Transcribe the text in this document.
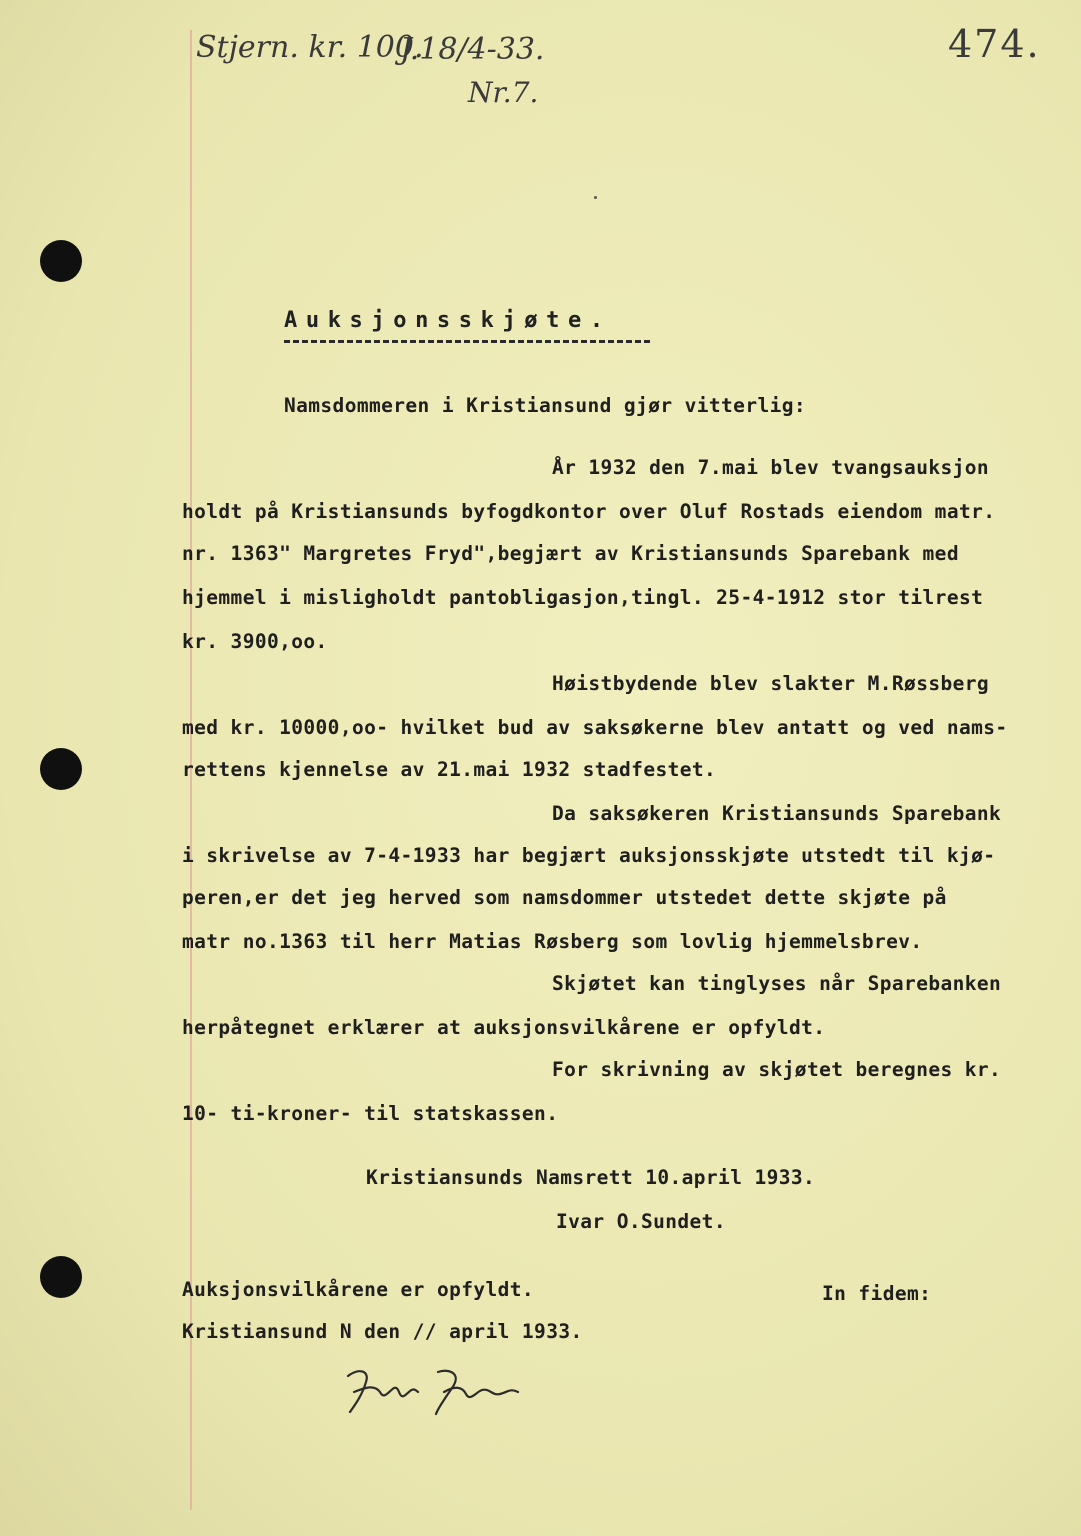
Stjern. kr. 100.
J.18/4-33.
Nr.7.
474.
Auksjonsskjøte.
Namsdommeren i Kristiansund gjør vitterlig:
År 1932 den 7.mai blev tvangsauksjon
holdt på Kristiansunds byfogdkontor over Oluf Rostads eiendom matr.
nr. 1363" Margretes Fryd",begjært av Kristiansunds Sparebank med
hjemmel i misligholdt pantobligasjon,tingl. 25-4-1912 stor tilrest
kr. 3900,oo.
Høistbydende blev slakter M.Røssberg
med kr. 10000,oo- hvilket bud av saksøkerne blev antatt og ved nams-
rettens kjennelse av 21.mai 1932 stadfestet.
Da saksøkeren Kristiansunds Sparebank
i skrivelse av 7-4-1933 har begjært auksjonsskjøte utstedt til kjø-
peren,er det jeg herved som namsdommer utstedet dette skjøte på
matr no.1363 til herr Matias Røsberg som lovlig hjemmelsbrev.
Skjøtet kan tinglyses når Sparebanken
herpåtegnet erklærer at auksjonsvilkårene er opfyldt.
For skrivning av skjøtet beregnes kr.
10- ti-kroner- til statskassen.
Kristiansunds Namsrett 10.april 1933.
Ivar O.Sundet.
Auksjonsvilkårene er opfyldt.	In fidem:
Kristiansund N den // april 1933.
